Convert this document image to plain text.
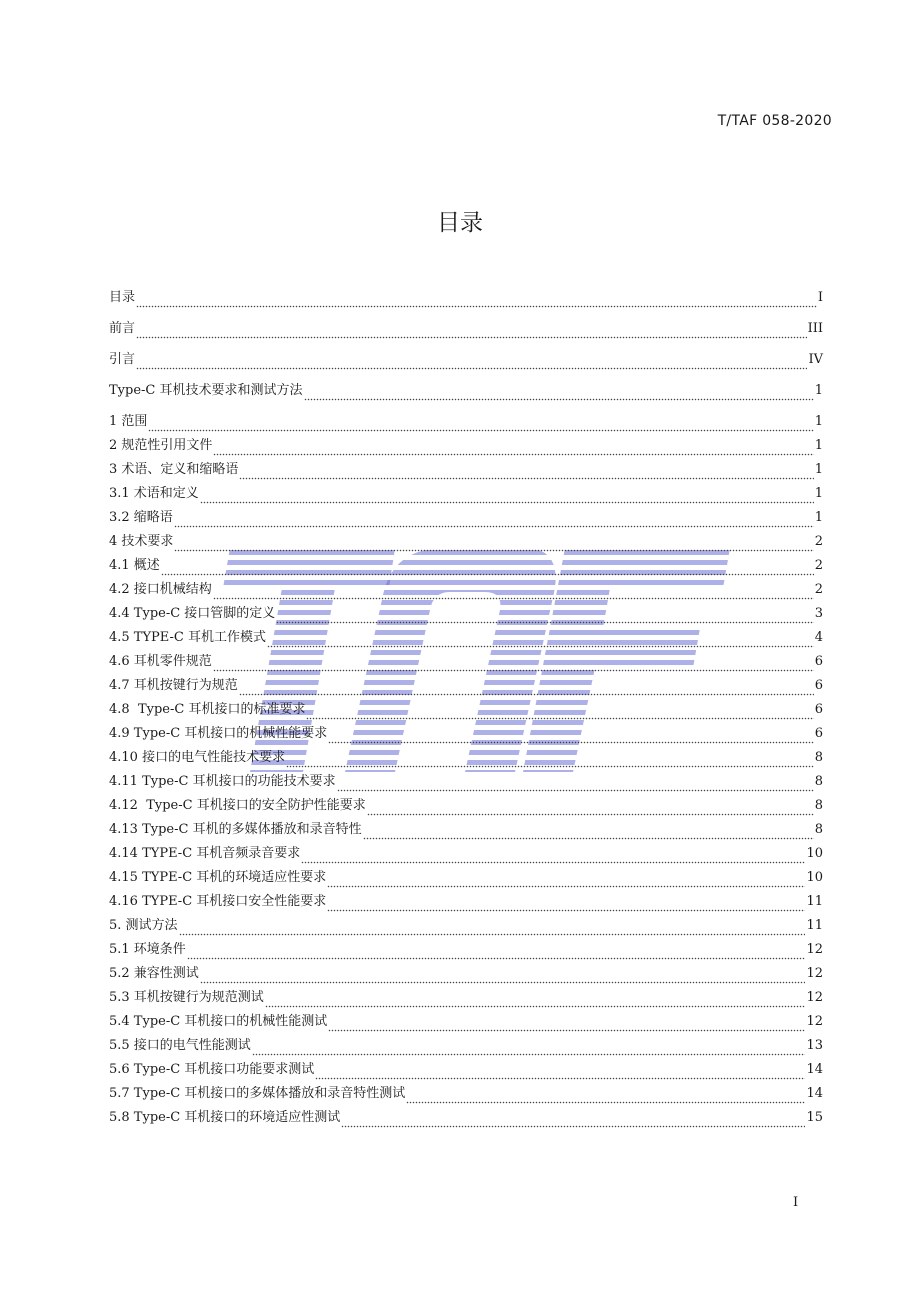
T/TAF 058-2020
目录
目录	I
前言	III
引言	IV
Type-C 耳机技术要求和测试方法	1
1 范围	1
2 规范性引用文件	1
3 术语、定义和缩略语	1
3.1 术语和定义	1
3.2 缩略语	1
4 技术要求	2
4.1 概述	2
4.2 接口机械结构	2
4.4 Type-C 接口管脚的定义	3
4.5 TYPE-C 耳机工作模式	4
4.6 耳机零件规范	6
4.7 耳机按键行为规范	6
4.8  Type-C 耳机接口的标准要求	6
4.9 Type-C 耳机接口的机械性能要求	6
4.10 接口的电气性能技术要求	8
4.11 Type-C 耳机接口的功能技术要求	8
4.12  Type-C 耳机接口的安全防护性能要求	8
4.13 Type-C 耳机的多媒体播放和录音特性	8
4.14 TYPE-C 耳机音频录音要求	10
4.15 TYPE-C 耳机的环境适应性要求	10
4.16 TYPE-C 耳机接口安全性能要求	11
5. 测试方法	11
5.1 环境条件	12
5.2 兼容性测试	12
5.3 耳机按键行为规范测试	12
5.4 Type-C 耳机接口的机械性能测试	12
5.5 接口的电气性能测试	13
5.6 Type-C 耳机接口功能要求测试	14
5.7 Type-C 耳机接口的多媒体播放和录音特性测试	14
5.8 Type-C 耳机接口的环境适应性测试	15
I
